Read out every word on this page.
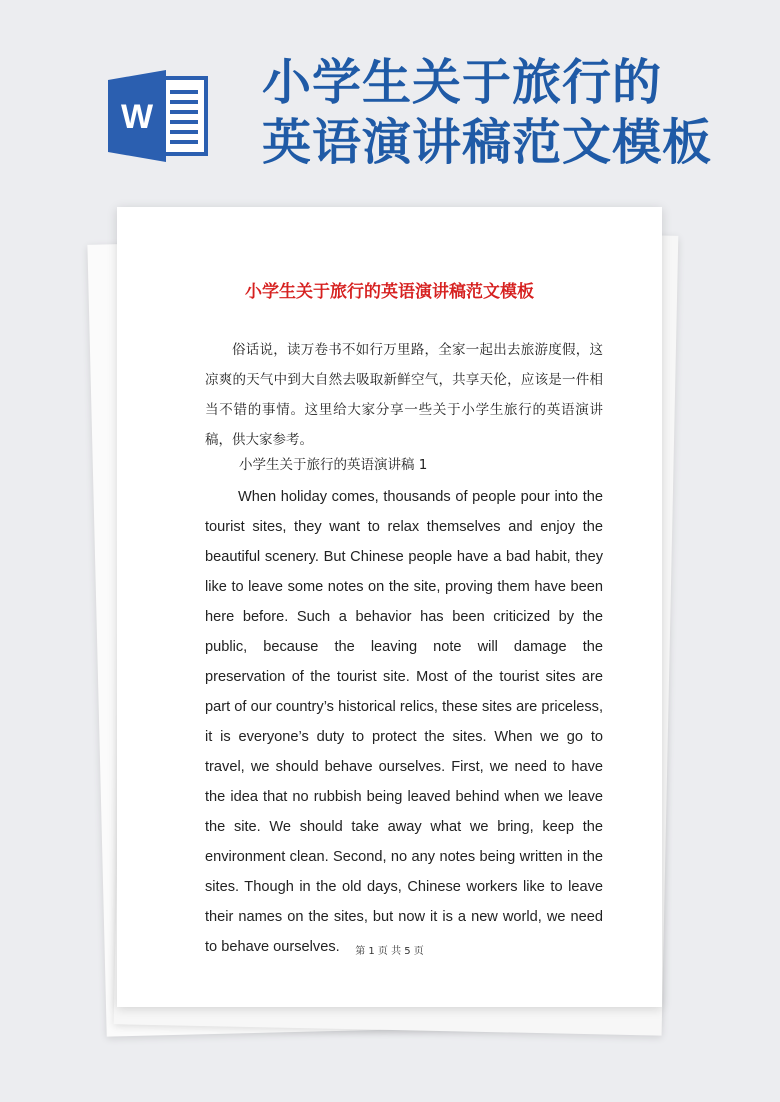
W
小学生关于旅行的
英语演讲稿范文模板
小学生关于旅行的英语演讲稿范文模板

俗话说，读万卷书不如行万里路，全家一起出去旅游度假，这凉爽的天气中到大自然去吸取新鲜空气，共享天伦，应该是一件相当不错的事情。这里给大家分享一些关于小学生旅行的英语演讲稿，供大家参考。

小学生关于旅行的英语演讲稿 1

When holiday comes, thousands of people pour into the tourist sites, they want to relax themselves and enjoy the beautiful scenery. But Chinese people have a bad habit, they like to leave some notes on the site, proving them have been here before. Such a behavior has been criticized by the public, because the leaving note will damage the preservation of the tourist site. Most of the tourist sites are part of our country’s historical relics, these sites are priceless, it is everyone’s duty to protect the sites. When we go to travel, we should behave ourselves. First, we need to have the idea that no rubbish being leaved behind when we leave the site. We should take away what we bring, keep the environment clean. Second, no any notes being written in the sites. Though in the old days, Chinese workers like to leave their names on the sites, but now it is a new world, we need to behave ourselves.	第 1 页 共 5 页
